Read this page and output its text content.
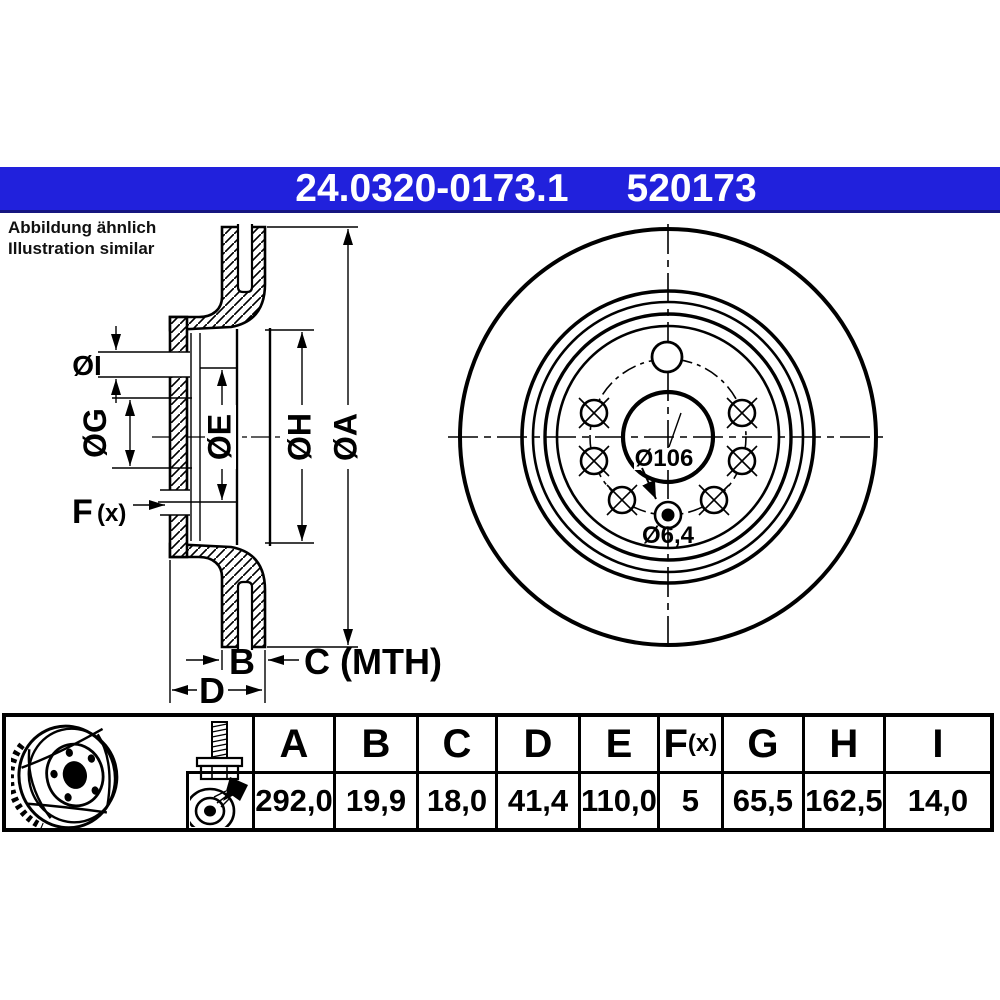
24.0320-0173.1 520173
Abbildung ähnlich
Illustration similar
ØI
ØG	ØE ØH ØA
F (x)
B C (MTH)
D
Ø106
Ø6,4
A
292,0
B
19,9
C
18,0
D
41,4
E
110,0
F (x)
5
G
65,5
H
162,5
I
14,0
